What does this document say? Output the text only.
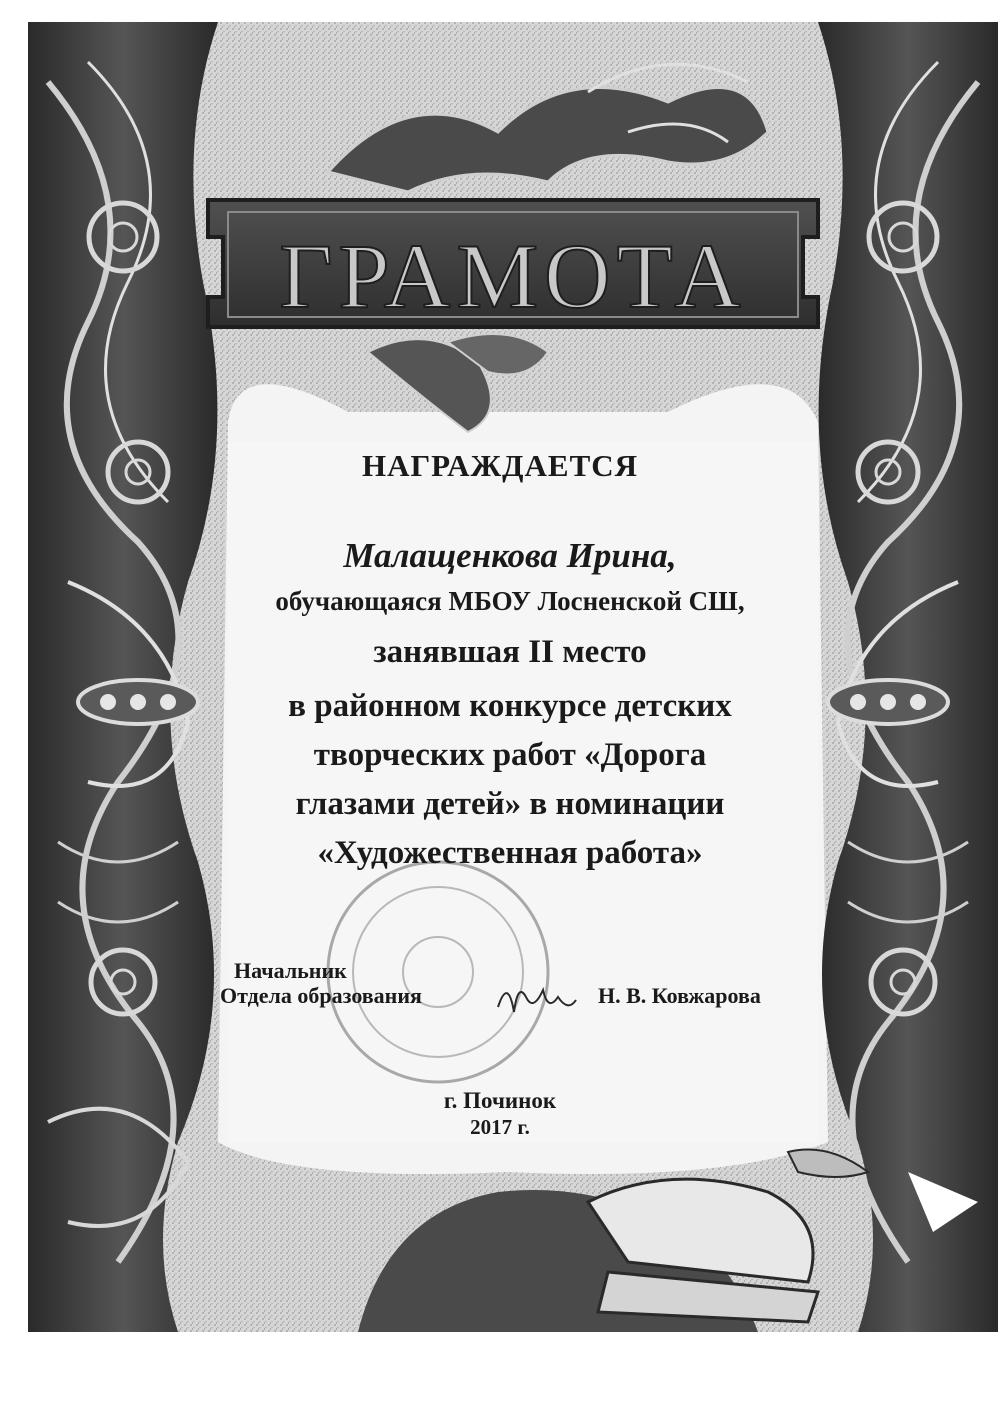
ГРАМОТА
НАГРАЖДАЕТСЯ
Малащенкова Ирина,
обучающаяся МБОУ Лосненской СШ,
занявшая II место
в районном конкурсе детских
творческих работ «Дорога
глазами детей» в номинации
«Художественная работа»
Начальник
Отдела образования	Н. В. Ковжарова
г. Починок
2017 г.
